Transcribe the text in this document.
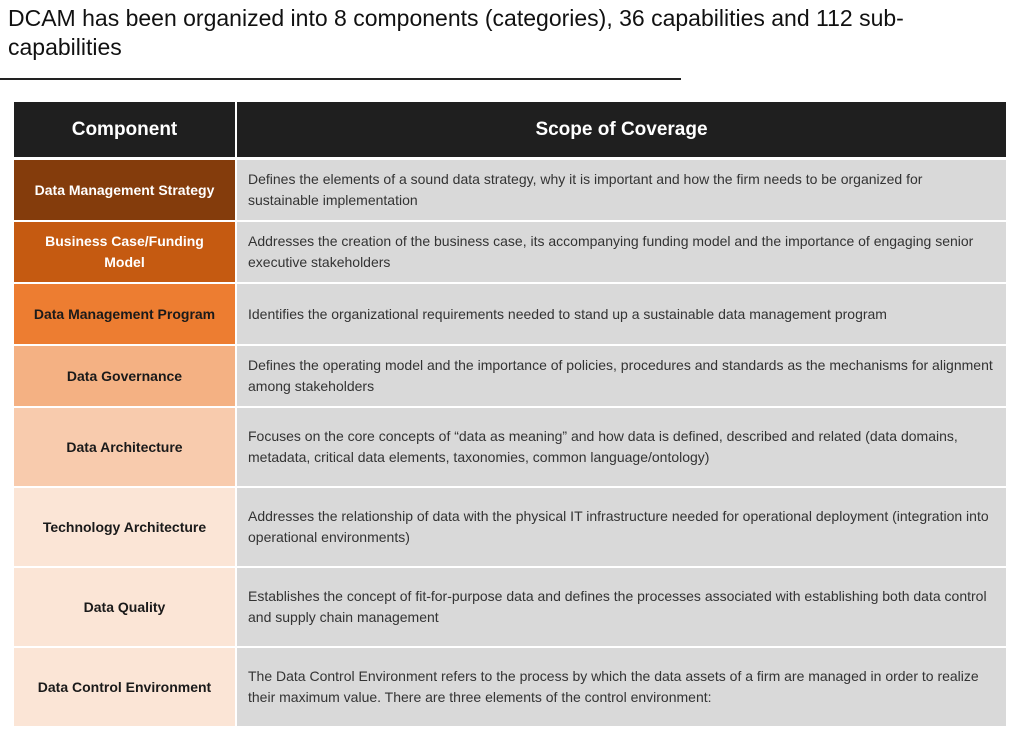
DCAM has been organized into 8 components (categories), 36 capabilities and 112 sub-capabilities
Component	Scope of Coverage
Data Management Strategy	Defines the elements of a sound data strategy, why it is important and how the firm needs to be organized for sustainable implementation
Business Case/Funding Model	Addresses the creation of the business case, its accompanying funding model and the importance of engaging senior executive stakeholders
Data Management Program	Identifies the organizational requirements needed to stand up a sustainable data management program
Data Governance	Defines the operating model and the importance of policies, procedures and standards as the mechanisms for alignment among stakeholders
Data Architecture	Focuses on the core concepts of “data as meaning” and how data is defined, described and related (data domains, metadata, critical data elements, taxonomies, common language/ontology)
Technology Architecture	Addresses the relationship of data with the physical IT infrastructure needed for operational deployment (integration into operational environments)
Data Quality	Establishes the concept of fit-for-purpose data and defines the processes associated with establishing both data control and supply chain management
Data Control Environment	The Data Control Environment refers to the process by which the data assets of a firm are managed in order to realize their maximum value. There are three elements of the control environment:
